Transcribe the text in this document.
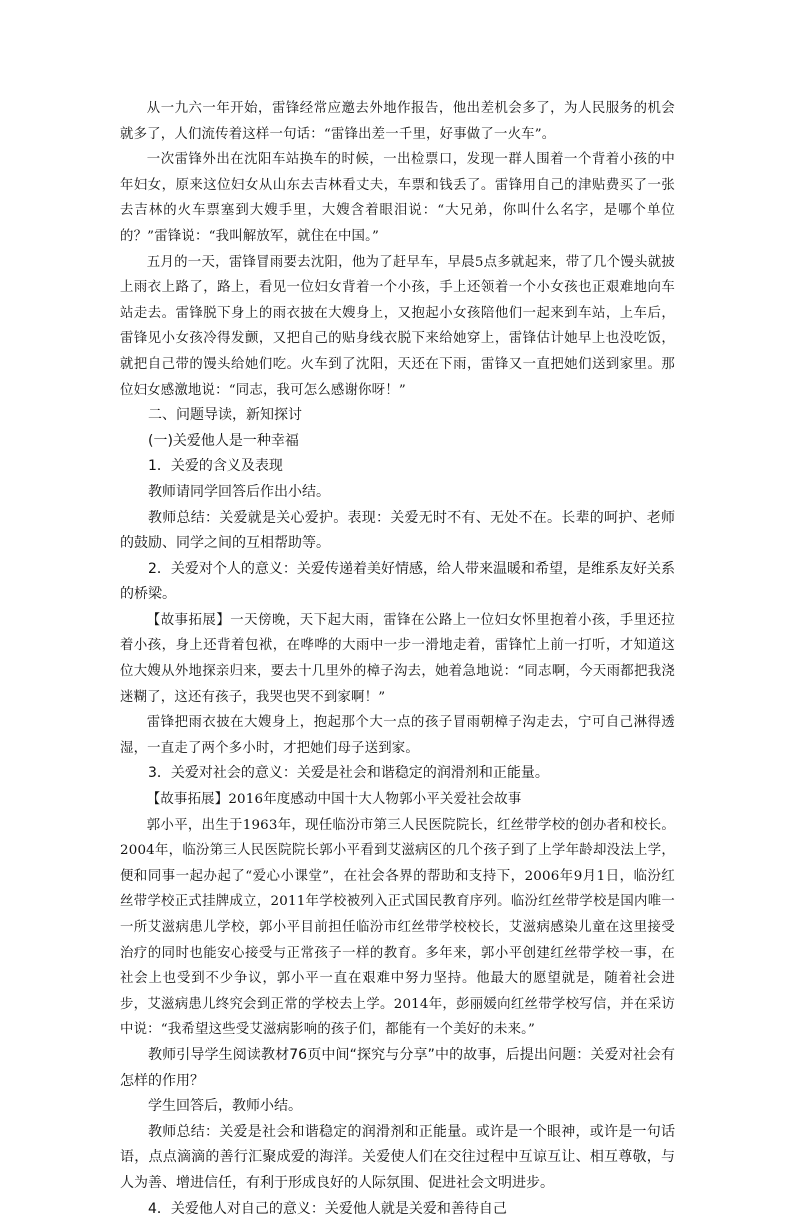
从一九六一年开始，雷锋经常应邀去外地作报告，他出差机会多了，为人民服务的机会就多了，人们流传着这样一句话：“雷锋出差一千里，好事做了一火车”。

一次雷锋外出在沈阳车站换车的时候，一出检票口，发现一群人围着一个背着小孩的中年妇女，原来这位妇女从山东去吉林看丈夫，车票和钱丢了。雷锋用自己的津贴费买了一张去吉林的火车票塞到大嫂手里，大嫂含着眼泪说：“大兄弟，你叫什么名字，是哪个单位的？”雷锋说：“我叫解放军，就住在中国。”

五月的一天，雷锋冒雨要去沈阳，他为了赶早车，早晨5点多就起来，带了几个馒头就披上雨衣上路了，路上，看见一位妇女背着一个小孩，手上还领着一个小女孩也正艰难地向车站走去。雷锋脱下身上的雨衣披在大嫂身上，又抱起小女孩陪他们一起来到车站，上车后，雷锋见小女孩冷得发颤，又把自己的贴身线衣脱下来给她穿上，雷锋估计她早上也没吃饭，就把自己带的馒头给她们吃。火车到了沈阳，天还在下雨，雷锋又一直把她们送到家里。那位妇女感激地说：“同志，我可怎么感谢你呀！”

二、问题导读，新知探讨

(一)关爱他人是一种幸福

1．关爱的含义及表现

教师请同学回答后作出小结。

教师总结：关爱就是关心爱护。表现：关爱无时不有、无处不在。长辈的呵护、老师的鼓励、同学之间的互相帮助等。

2．关爱对个人的意义：关爱传递着美好情感，给人带来温暖和希望，是维系友好关系的桥梁。

【故事拓展】一天傍晚，天下起大雨，雷锋在公路上一位妇女怀里抱着小孩，手里还拉着小孩，身上还背着包袱，在哗哗的大雨中一步一滑地走着，雷锋忙上前一打听，才知道这位大嫂从外地探亲归来，要去十几里外的樟子沟去，她着急地说：“同志啊，今天雨都把我浇迷糊了，这还有孩子，我哭也哭不到家啊！”

雷锋把雨衣披在大嫂身上，抱起那个大一点的孩子冒雨朝樟子沟走去，宁可自己淋得透湿，一直走了两个多小时，才把她们母子送到家。

3．关爱对社会的意义：关爱是社会和谐稳定的润滑剂和正能量。

【故事拓展】2016年度感动中国十大人物郭小平关爱社会故事

郭小平，出生于1963年，现任临汾市第三人民医院院长，红丝带学校的创办者和校长。2004年，临汾第三人民医院院长郭小平看到艾滋病区的几个孩子到了上学年龄却没法上学，便和同事一起办起了“爱心小课堂”，在社会各界的帮助和支持下，2006年9月1日，临汾红丝带学校正式挂牌成立，2011年学校被列入正式国民教育序列。临汾红丝带学校是国内唯一一所艾滋病患儿学校，郭小平目前担任临汾市红丝带学校校长，艾滋病感染儿童在这里接受治疗的同时也能安心接受与正常孩子一样的教育。多年来，郭小平创建红丝带学校一事，在社会上也受到不少争议，郭小平一直在艰难中努力坚持。他最大的愿望就是，随着社会进步，艾滋病患儿终究会到正常的学校去上学。2014年，彭丽媛向红丝带学校写信，并在采访中说：“我希望这些受艾滋病影响的孩子们，都能有一个美好的未来。”

教师引导学生阅读教材76页中间“探究与分享”中的故事，后提出问题：关爱对社会有怎样的作用？

学生回答后，教师小结。

教师总结：关爱是社会和谐稳定的润滑剂和正能量。或许是一个眼神，或许是一句话语，点点滴滴的善行汇聚成爱的海洋。关爱使人们在交往过程中互谅互让、相互尊敬，与人为善、增进信任，有利于形成良好的人际氛围、促进社会文明进步。

4．关爱他人对自己的意义：关爱他人就是关爱和善待自己
